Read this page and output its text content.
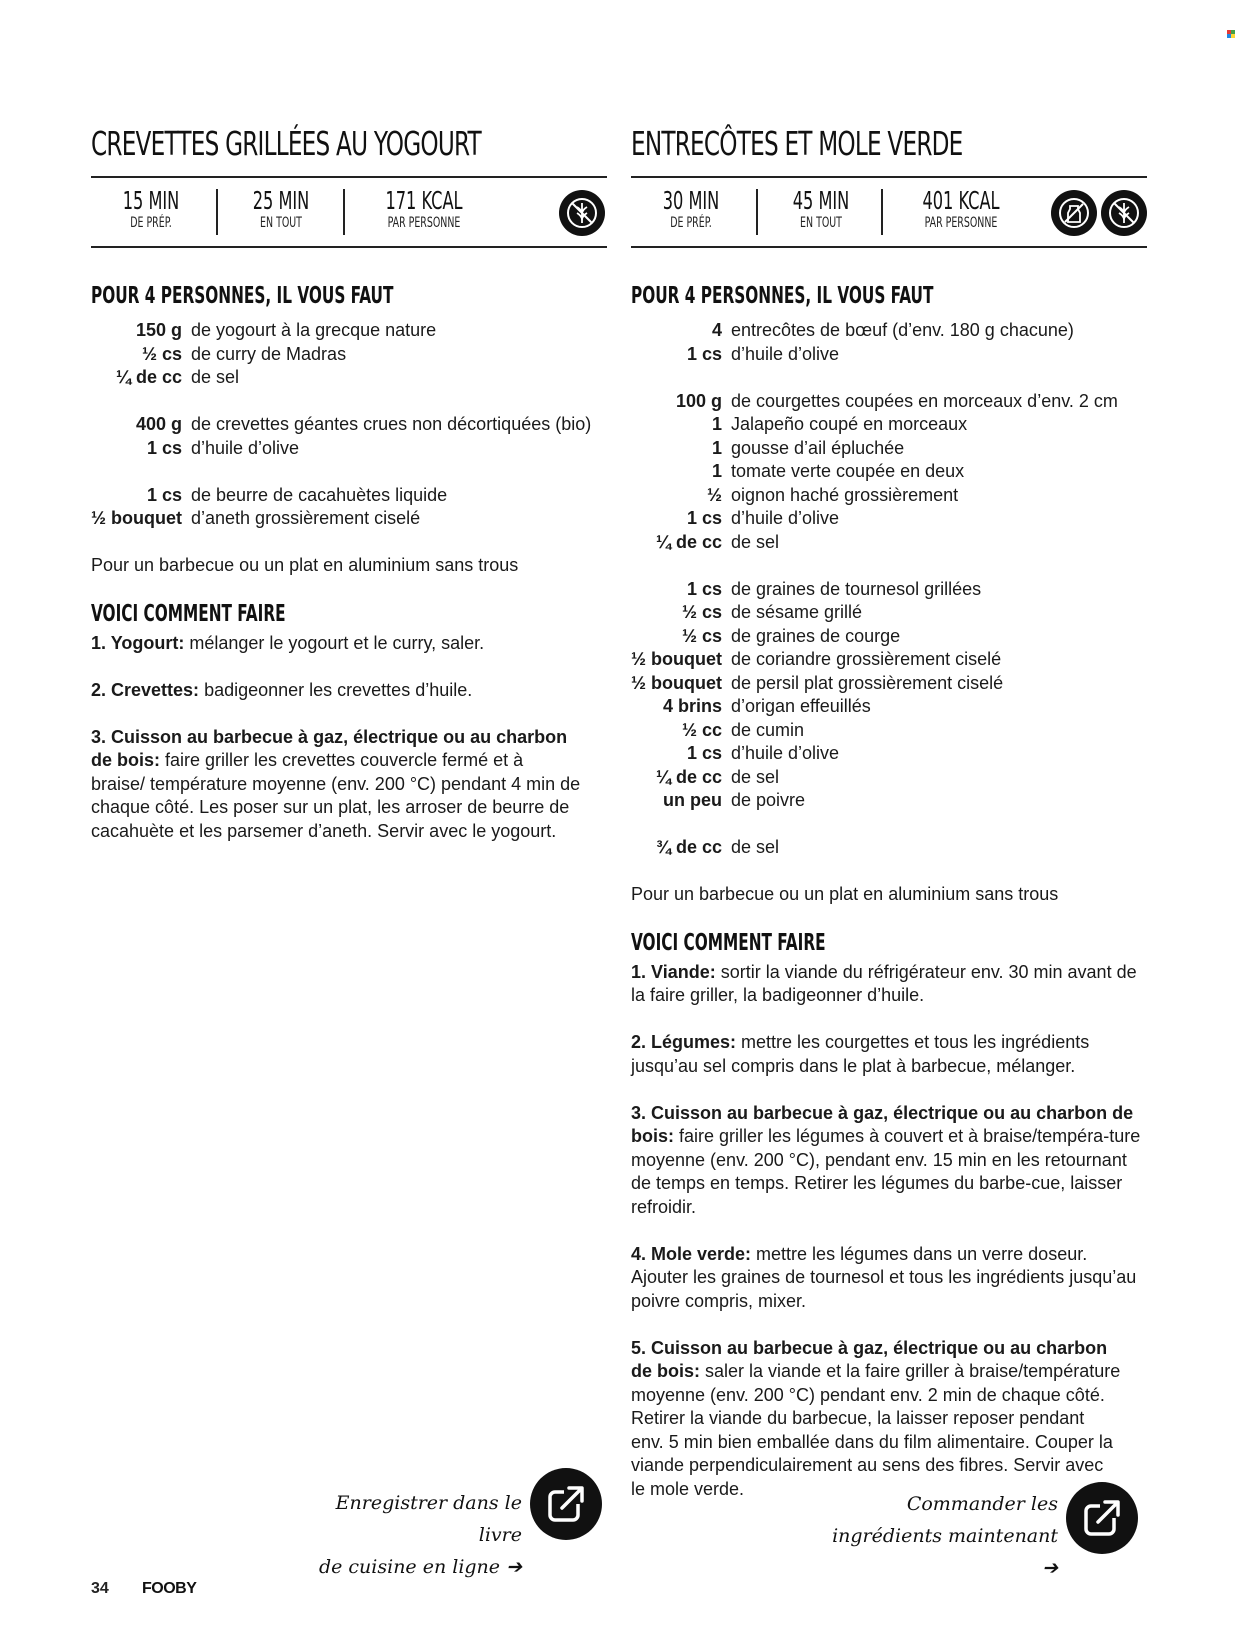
CREVETTES GRILLÉES AU YOGOURT
15 MIN
DE PRÉP.
25 MIN
EN TOUT
171 KCAL
PAR PERSONNE
POUR 4 PERSONNES, IL VOUS FAUT
150 g de yogourt à la grecque nature
½ cs de curry de Madras
¼ de cc de sel
400 g de crevettes géantes crues non décortiquées (bio)
1 cs d’huile d’olive
1 cs de beurre de cacahuètes liquide
½ bouquet d’aneth grossièrement ciselé

Pour un barbecue ou un plat en aluminium sans trous

VOICI COMMENT FAIRE

1. Yogourt: mélanger le yogourt et le curry, saler.

2. Crevettes: badigeonner les crevettes d’huile.

3. Cuisson au barbecue à gaz, électrique ou au charbon de bois: faire griller les crevettes couvercle fermé et à braise/ température moyenne (env. 200 °C) pendant 4 min de chaque côté. Les poser sur un plat, les arroser de beurre de cacahuète et les parsemer d’aneth. Servir avec le yogourt.

ENTRECÔTES ET MOLE VERDE
30 MIN
DE PRÉP.
45 MIN
EN TOUT
401 KCAL
PAR PERSONNE
POUR 4 PERSONNES, IL VOUS FAUT
4 entrecôtes de bœuf (d’env. 180 g chacune)
1 cs d’huile d’olive
100 g de courgettes coupées en morceaux d’env. 2 cm
1 Jalapeño coupé en morceaux
1 gousse d’ail épluchée
1 tomate verte coupée en deux
½ oignon haché grossièrement
1 cs d’huile d’olive
¼ de cc de sel
1 cs de graines de tournesol grillées
½ cs de sésame grillé
½ cs de graines de courge
½ bouquet de coriandre grossièrement ciselé
½ bouquet de persil plat grossièrement ciselé
4 brins d’origan effeuillés
½ cc de cumin
1 cs d’huile d’olive
¼ de cc de sel
un peu de poivre
¾ de cc de sel

Pour un barbecue ou un plat en aluminium sans trous

VOICI COMMENT FAIRE

1. Viande: sortir la viande du réfrigérateur env. 30 min avant de la faire griller, la badigeonner d’huile.

2. Légumes: mettre les courgettes et tous les ingrédients jusqu’au sel compris dans le plat à barbecue, mélanger.

3. Cuisson au barbecue à gaz, électrique ou au charbon de bois: faire griller les légumes à couvert et à braise/tempéra-ture moyenne (env. 200 °C), pendant env. 15 min en les retournant de temps en temps. Retirer les légumes du barbe-cue, laisser refroidir.

4. Mole verde: mettre les légumes dans un verre doseur. Ajouter les graines de tournesol et tous les ingrédients jusqu’au poivre compris, mixer.

5. Cuisson au barbecue à gaz, électrique ou au charbon de bois: saler la viande et la faire griller à braise/température moyenne (env. 200 °C) pendant env. 2 min de chaque côté. Retirer la viande du barbecue, la laisser reposer pendant env. 5 min bien emballée dans du film alimentaire. Couper la viande perpendiculairement au sens des fibres. Servir avec le mole verde.

Enregistrer dans le livre
de cuisine en ligne ➔
Commander les
ingrédients maintenant ➔
34 FOOBY
